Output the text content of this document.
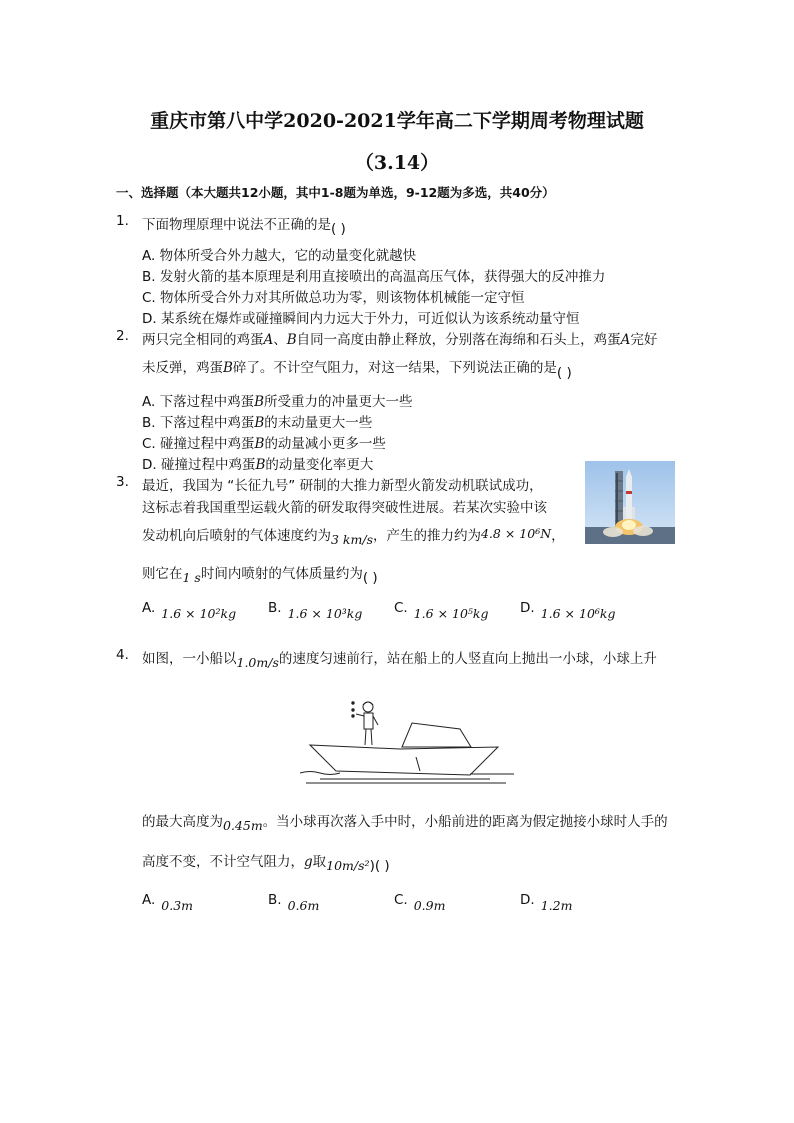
重庆市第八中学2020-2021学年高二下学期周考物理试题
（3.14）
一、选择题（本大题共12小题，其中1-8题为单选，9-12题为多选，共40分）
1. 下面物理原理中说法不正确的是( )
A. 物体所受合外力越大，它的动量变化就越快
B. 发射火箭的基本原理是利用直接喷出的高温高压气体，获得强大的反冲推力
C. 物体所受合外力对其所做总功为零，则该物体机械能一定守恒
D. 某系统在爆炸或碰撞瞬间内力远大于外力，可近似认为该系统动量守恒
2. 两只完全相同的鸡蛋A、B自同一高度由静止释放，分别落在海绵和石头上，鸡蛋A完好
未反弹，鸡蛋B碎了。不计空气阻力，对这一结果，下列说法正确的是( )
A. 下落过程中鸡蛋B所受重力的冲量更大一些
B. 下落过程中鸡蛋B的末动量更大一些
C. 碰撞过程中鸡蛋B的动量减小更多一些
D. 碰撞过程中鸡蛋B的动量变化率更大
3. 最近，我国为 “长征九号” 研制的大推力新型火箭发动机联试成功，
这标志着我国重型运载火箭的研发取得突破性进展。若某次实验中该
发动机向后喷射的气体速度约为3 km/s，产生的推力约为4.8 × 10⁶N，
则它在1 s时间内喷射的气体质量约为( )
A. 1.6 × 10²kg B. 1.6 × 10³kg C. 1.6 × 10⁵kg D. 1.6 × 10⁶kg
4. 如图，一小船以1.0m/s的速度匀速前行，站在船上的人竖直向上抛出一小球，小球上升
的最大高度为0.45m。当小球再次落入手中时，小船前进的距离为假定抛接小球时人手的
高度不变，不计空气阻力，g取10m/s²)( )
A. 0.3m	B. 0.6m	C. 0.9m	D. 1.2m
